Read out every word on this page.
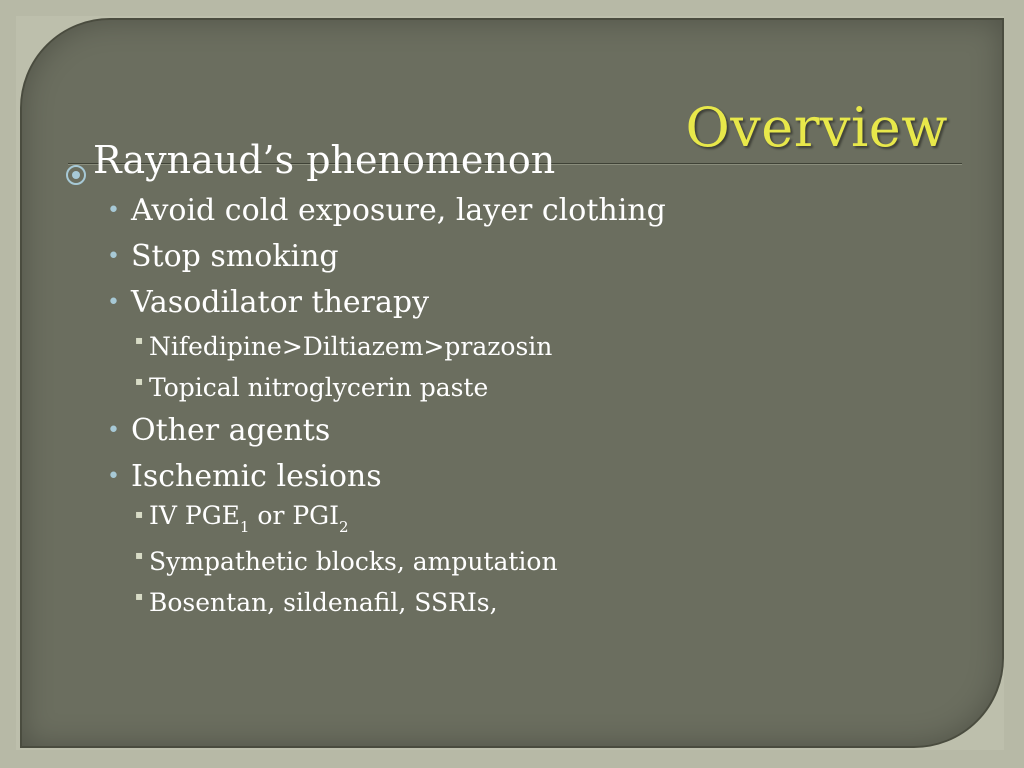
Overview
Raynaud’s phenomenon
• Avoid cold exposure, layer clothing
• Stop smoking
• Vasodilator therapy
▪ Nifedipine>Diltiazem>prazosin
▪ Topical nitroglycerin paste
• Other agents
• Ischemic lesions
▪ IV $PGE_1$ or $PGI_2$
▪ Sympathetic blocks, amputation
▪ Bosentan, sildenafil, SSRIs,
